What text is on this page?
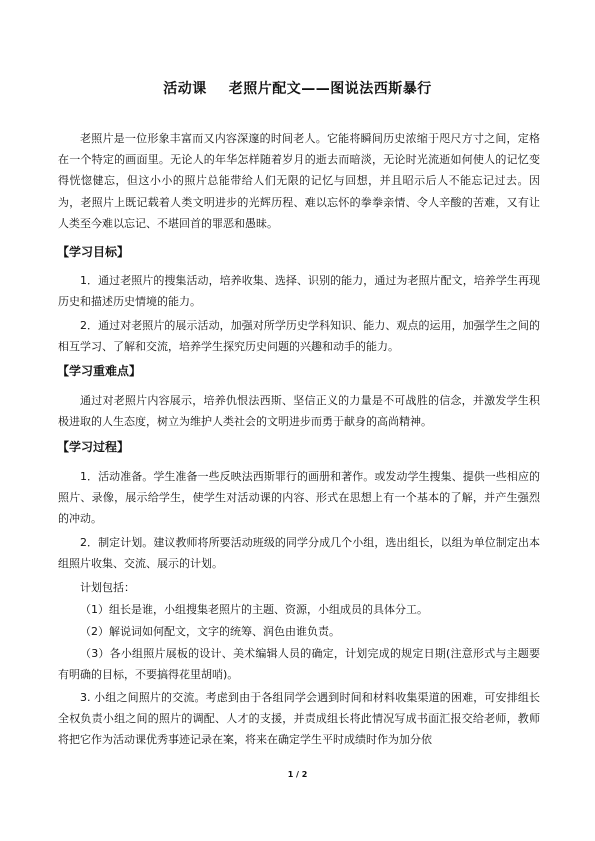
活动课 老照片配文——图说法西斯暴行

老照片是一位形象丰富而又内容深邃的时间老人。它能将瞬间历史浓缩于咫尺方寸之间，定格在一个特定的画面里。无论人的年华怎样随着岁月的逝去而暗淡，无论时光流逝如何使人的记忆变得恍惚健忘，但这小小的照片总能带给人们无限的记忆与回想，并且昭示后人不能忘记过去。因为，老照片上既记载着人类文明进步的光辉历程、难以忘怀的拳拳亲情、令人辛酸的苦难，又有让人类至今难以忘记、不堪回首的罪恶和愚昧。

【学习目标】

1．通过老照片的搜集活动，培养收集、选择、识别的能力，通过为老照片配文，培养学生再现历史和描述历史情境的能力。

2．通过对老照片的展示活动，加强对所学历史学科知识、能力、观点的运用，加强学生之间的相互学习、了解和交流，培养学生探究历史问题的兴趣和动手的能力。

【学习重难点】

通过对老照片内容展示，培养仇恨法西斯、坚信正义的力量是不可战胜的信念，并激发学生积极进取的人生态度，树立为维护人类社会的文明进步而勇于献身的高尚精神。

【学习过程】

1．活动准备。学生准备一些反映法西斯罪行的画册和著作。或发动学生搜集、提供一些相应的照片、录像，展示给学生，使学生对活动课的内容、形式在思想上有一个基本的了解，并产生强烈的冲动。

2．制定计划。建议教师将所要活动班级的同学分成几个小组，选出组长，以组为单位制定出本组照片收集、交流、展示的计划。

计划包括：

（1）组长是谁，小组搜集老照片的主题、资源，小组成员的具体分工。

（2）解说词如何配文，文字的统筹、润色由谁负责。

（3）各小组照片展板的设计、美术编辑人员的确定，计划完成的规定日期(注意形式与主题要有明确的目标，不要搞得花里胡哨)。

3. 小组之间照片的交流。考虑到由于各组同学会遇到时间和材料收集渠道的困难，可安排组长全权负责小组之间的照片的调配、人才的支援，并责成组长将此情况写成书面汇报交给老师，教师将把它作为活动课优秀事迹记录在案，将来在确定学生平时成绩时作为加分依

1 / 2
